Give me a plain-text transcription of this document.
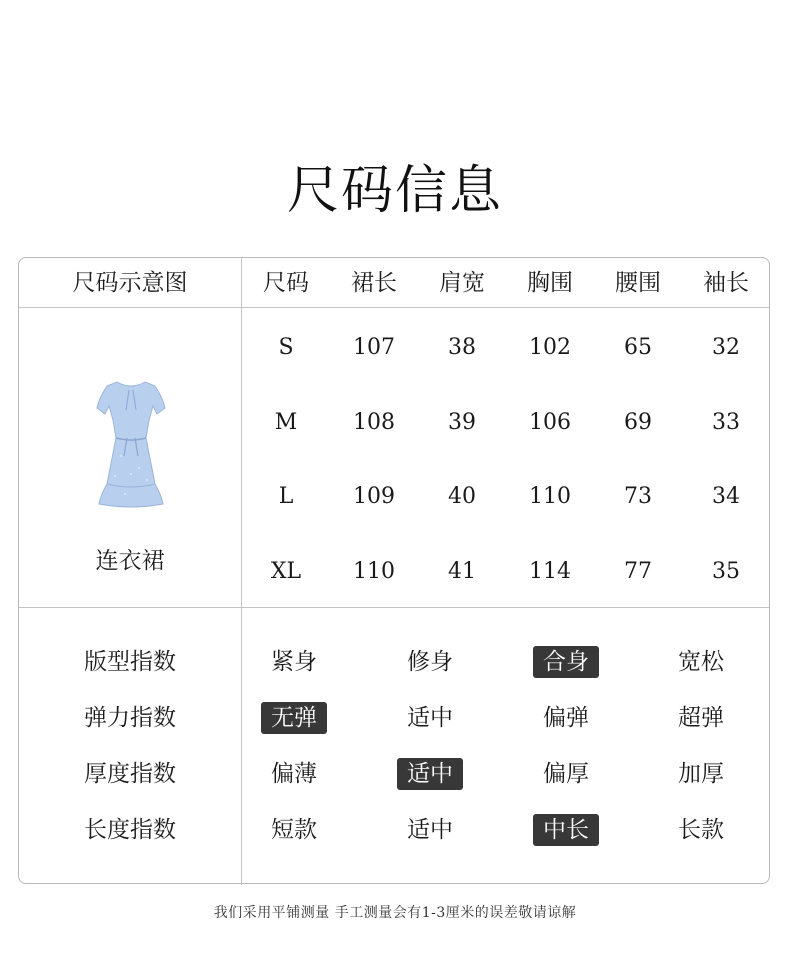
尺码信息
尺码示意图	尺码	裙长	肩宽	胸围	腰围	袖长
连衣裙
S	107	38	102	65	32
M	108	39	106	69	33
L	109	40	110	73	34
XL	110	41	114	77	35
版型指数	紧身	修身	合身	宽松
弹力指数	无弹	适中	偏弹	超弹
厚度指数	偏薄	适中	偏厚	加厚
长度指数	短款	适中	中长	长款
我们采用平铺测量 手工测量会有1-3厘米的误差敬请谅解
